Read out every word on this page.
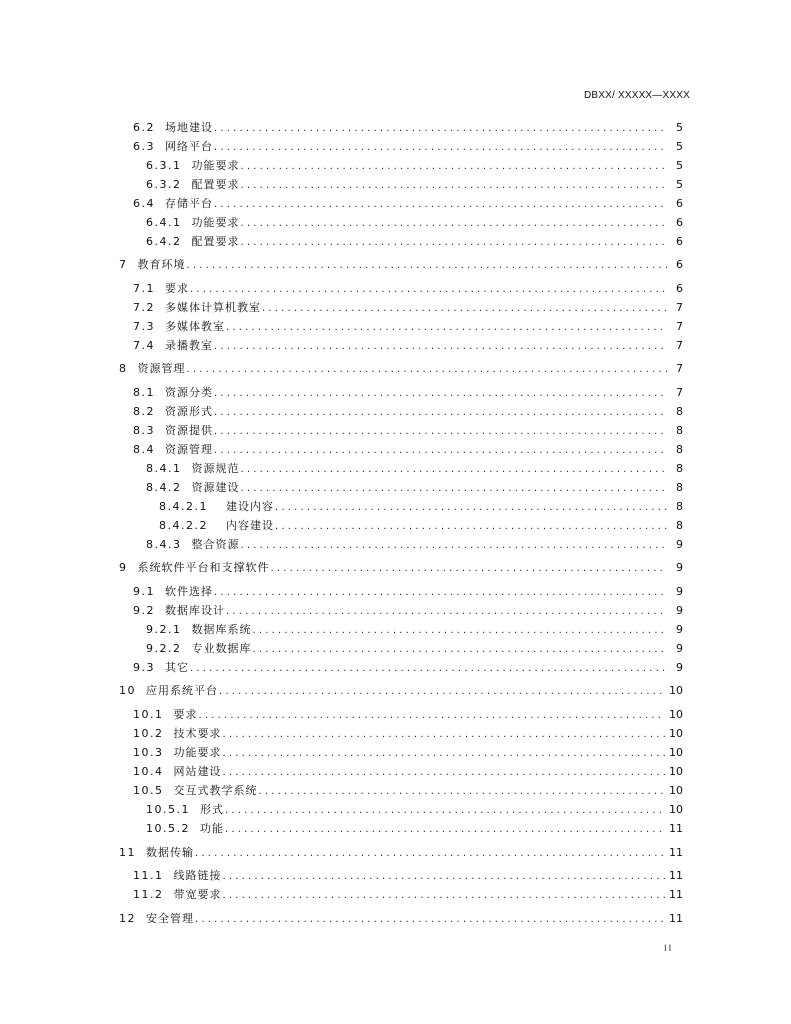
DBXX/ XXXXX—XXXX
6.2 场地建设 .....	5
6.3 网络平台 .....	5
6.3.1 功能要求 .....	5
6.3.2 配置要求 .....	5
6.4 存储平台 .....	6
6.4.1 功能要求 .....	6
6.4.2 配置要求 .....	6
7 教育环境 .....	6
7.1 要求 .....	6
7.2 多媒体计算机教室 .....	7
7.3 多媒体教室 .....	7
7.4 录播教室 .....	7
8 资源管理 .....	7
8.1 资源分类 .....	7
8.2 资源形式 .....	8
8.3 资源提供 .....	8
8.4 资源管理 .....	8
8.4.1 资源规范 .....	8
8.4.2 资源建设 .....	8
8.4.2.1 建设内容 .....	8
8.4.2.2 内容建设 .....	8
8.4.3 整合资源 .....	9
9 系统软件平台和支撑软件 .....	9
9.1 软件选择 .....	9
9.2 数据库设计 .....	9
9.2.1 数据库系统 .....	9
9.2.2 专业数据库 .....	9
9.3 其它 .....	9
10 应用系统平台 .....	10
10.1 要求 .....	10
10.2 技术要求 .....	10
10.3 功能要求 .....	10
10.4 网站建设 .....	10
10.5 交互式教学系统 .....	10
10.5.1 形式 .....	10
10.5.2 功能 .....	11
11 数据传输 .....	11
11.1 线路链接 .....	11
11.2 带宽要求 .....	11
12 安全管理 .....	11
II
